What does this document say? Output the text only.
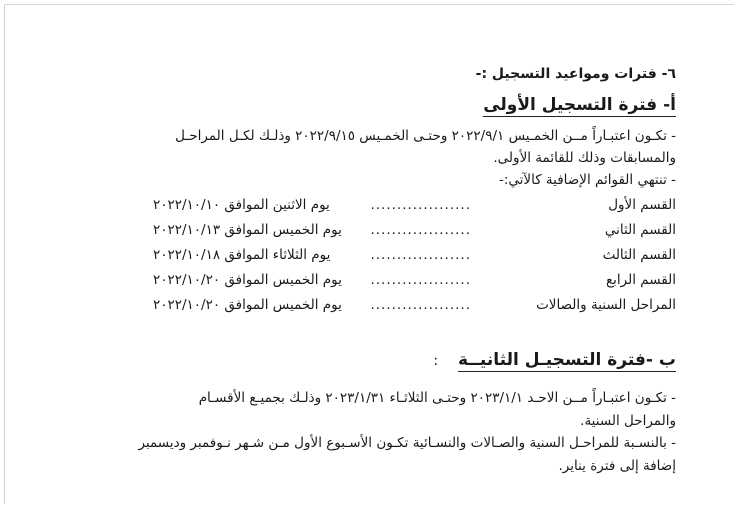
٦- فترات ومواعيد التسجيل :-
أ- فترة التسجيل الأولى
- تكـون اعتبـاراً مــن الخمـيس ٢٠٢٢/٩/١ وحتـى الخمـيس ٢٠٢٢/٩/١٥ وذلـك لكـل المراحـل
والمسابقات وذلك للقائمة الأولى.
- تنتهي القوائم الإضافية كالآتي:-
القسم الأول
...................
يوم الاثنين الموافق ٢٠٢٢/١٠/١٠
القسم الثاني
...................
يوم الخميس الموافق ٢٠٢٢/١٠/١٣
القسم الثالث
...................
يوم الثلاثاء الموافق ٢٠٢٢/١٠/١٨
القسم الرابع
...................
يوم الخميس الموافق ٢٠٢٢/١٠/٢٠
المراحل السنية والصالات
...................
يوم الخميس الموافق ٢٠٢٢/١٠/٢٠
ب -فترة التسجيـل الثانيــة :
- تكـون اعتبـاراً مــن الاحـد ٢٠٢٣/١/١ وحتـى الثلاثـاء ٢٠٢٣/١/٣١ وذلـك بجميـع الأقسـام
والمراحل السنية.
- بالنسـبة للمراحـل السنية والصـالات والنسـائية تكـون الأسـبوع الأول مـن شـهر نـوفمبر وديسمبر
إضافة إلى فترة يناير.
